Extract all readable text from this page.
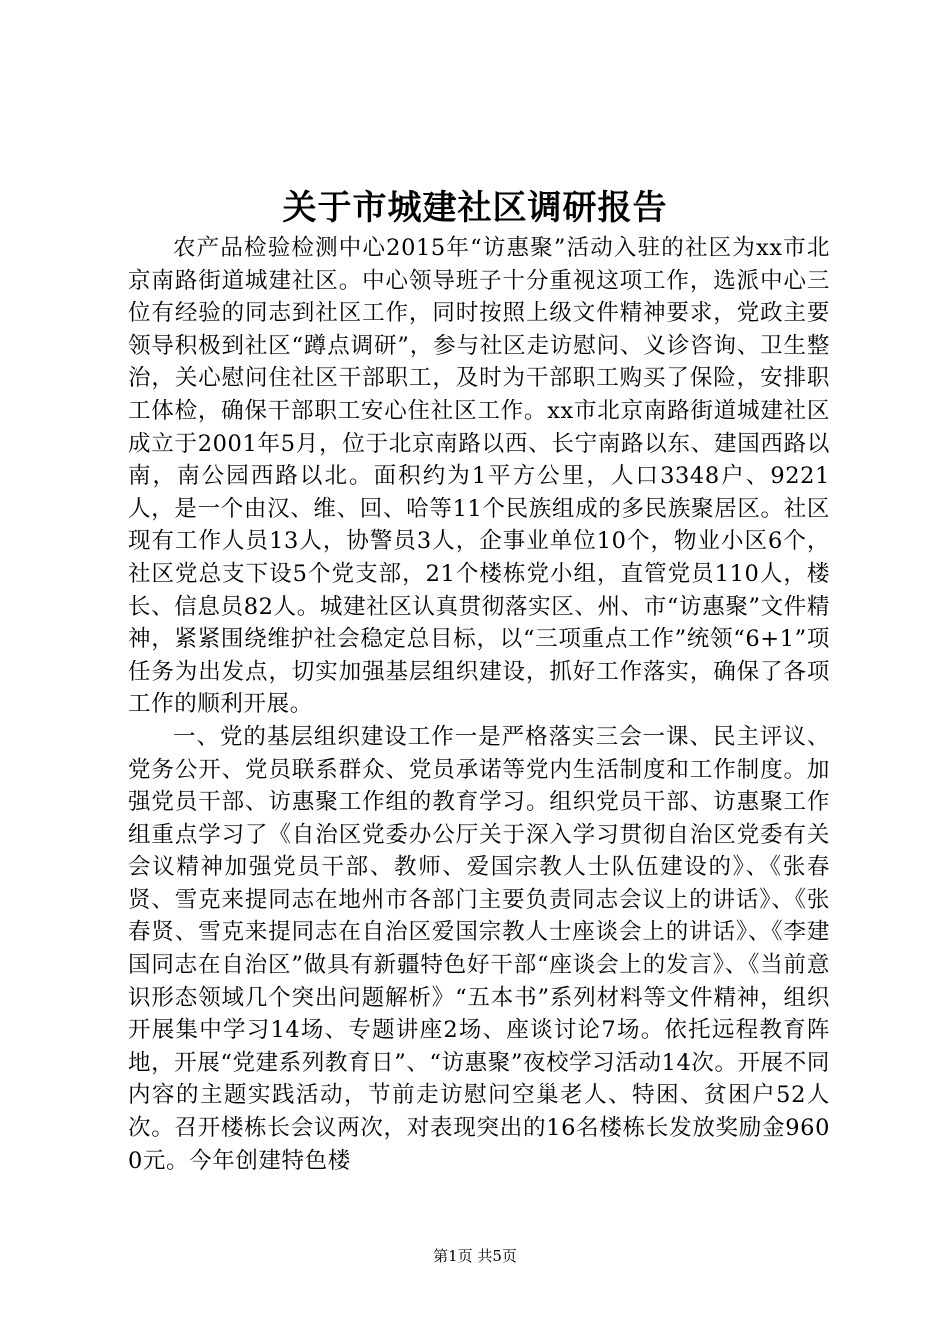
关于市城建社区调研报告

农产品检验检测中心2015年“访惠聚”活动入驻的社区为xx市北京南路街道城建社区。中心领导班子十分重视这项工作，选派中心三位有经验的同志到社区工作，同时按照上级文件精神要求，党政主要领导积极到社区“蹲点调研”，参与社区走访慰问、义诊咨询、卫生整治，关心慰问住社区干部职工，及时为干部职工购买了保险，安排职工体检，确保干部职工安心住社区工作。xx市北京南路街道城建社区成立于2001年5月，位于北京南路以西、长宁南路以东、建国西路以南，南公园西路以北。面积约为1平方公里，人口3348户、9221人，是一个由汉、维、回、哈等11个民族组成的多民族聚居区。社区现有工作人员13人，协警员3人，企事业单位10个，物业小区6个，社区党总支下设5个党支部，21个楼栋党小组，直管党员110人，楼长、信息员82人。城建社区认真贯彻落实区、州、市“访惠聚”文件精神，紧紧围绕维护社会稳定总目标，以“三项重点工作”统领“6+1”项任务为出发点，切实加强基层组织建设，抓好工作落实，确保了各项工作的顺利开展。

一、党的基层组织建设工作一是严格落实三会一课、民主评议、党务公开、党员联系群众、党员承诺等党内生活制度和工作制度。加强党员干部、访惠聚工作组的教育学习。组织党员干部、访惠聚工作组重点学习了《自治区党委办公厅关于深入学习贯彻自治区党委有关会议精神加强党员干部、教师、爱国宗教人士队伍建设的》、《张春贤、雪克来提同志在地州市各部门主要负责同志会议上的讲话》、《张春贤、雪克来提同志在自治区爱国宗教人士座谈会上的讲话》、《李建国同志在自治区”做具有新疆特色好干部“座谈会上的发言》、《当前意识形态领域几个突出问题解析》“五本书”系列材料等文件精神，组织开展集中学习14场、专题讲座2场、座谈讨论7场。依托远程教育阵地，开展“党建系列教育日”、“访惠聚”夜校学习活动14次。开展不同内容的主题实践活动，节前走访慰问空巢老人、特困、贫困户52人次。召开楼栋长会议两次，对表现突出的16名楼栋长发放奖励金9600元。今年创建特色楼

第1页 共5页
